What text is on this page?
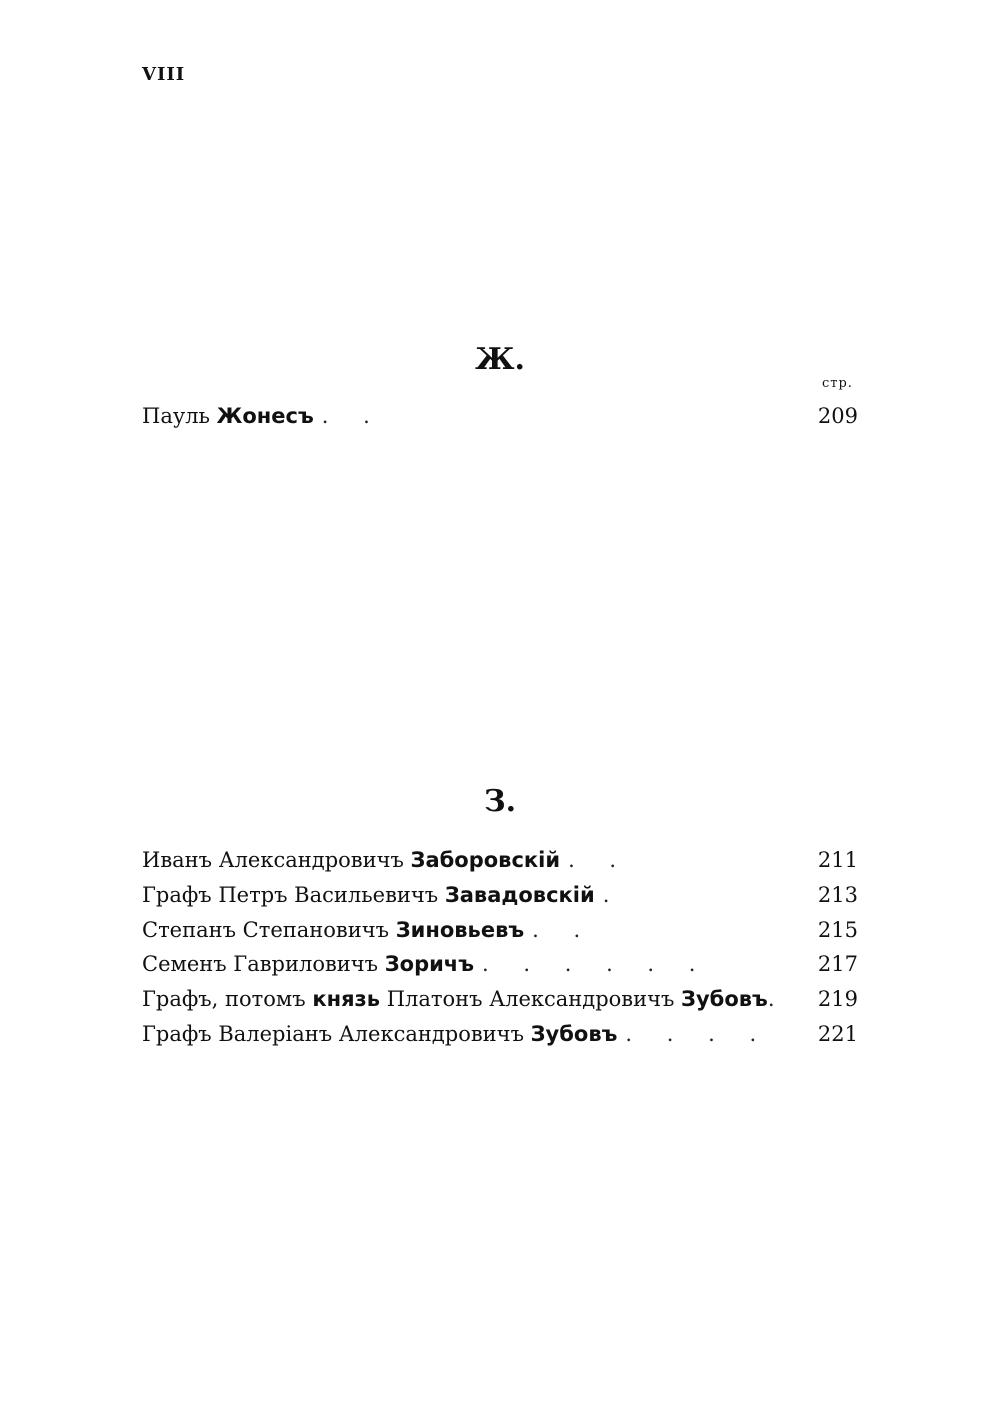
VIII
Ж.
стр.
Пауль Жонесъ . .	209
З.
Иванъ Александровичъ Заборовскiй . .	211
Графъ Петръ Васильевичъ Завадовскiй .	213
Степанъ Степановичъ Зиновьевъ . .	215
Семенъ Гавриловичъ Зоричъ . . . . . .	217
Графъ, потомъ князь Платонъ Александровичъ Зубовъ .	219
Графъ Валерiанъ Александровичъ Зубовъ . . . .	221
